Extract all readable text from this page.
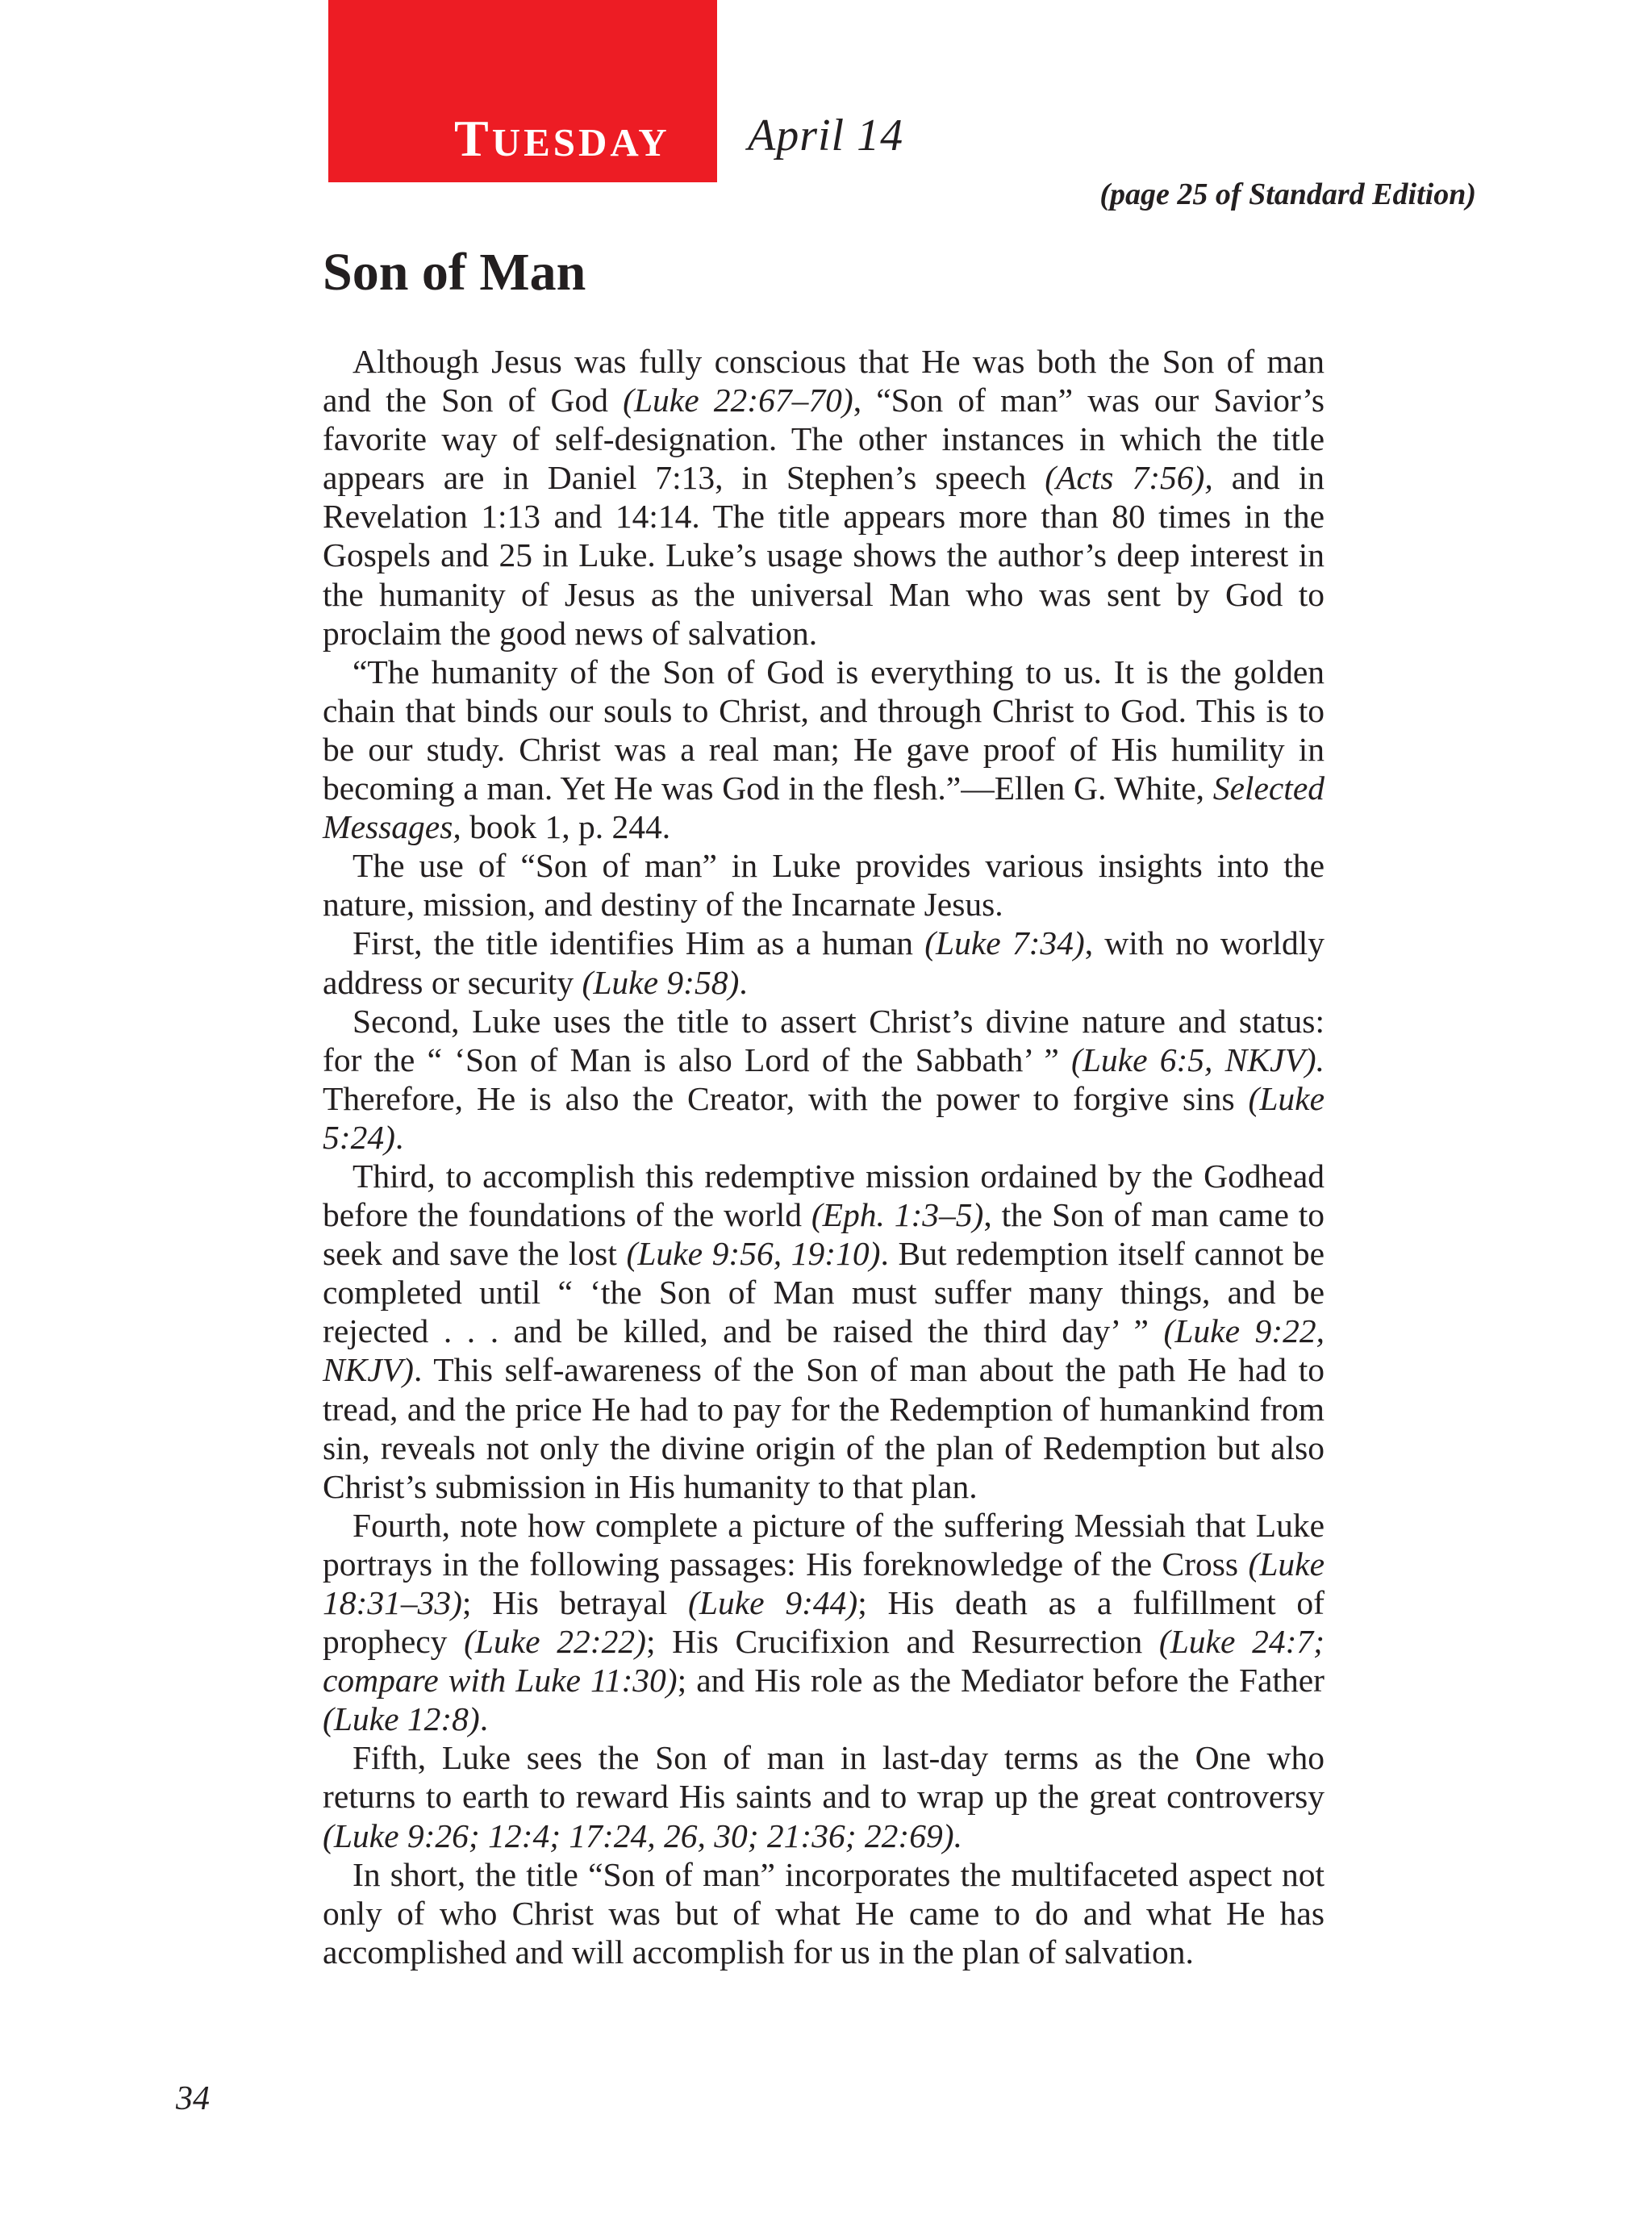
TUESDAY April 14
(page 25 of Standard Edition)
Son of Man

Although Jesus was fully conscious that He was both the Son of man and the Son of God (Luke 22:67–70), “Son of man” was our Savior’s favorite way of self-designation. The other instances in which the title appears are in Daniel 7:13, in Stephen’s speech (Acts 7:56), and in Revelation 1:13 and 14:14. The title appears more than 80 times in the Gospels and 25 in Luke. Luke’s usage shows the author’s deep interest in the humanity of Jesus as the universal Man who was sent by God to proclaim the good news of salvation.

“The humanity of the Son of God is everything to us. It is the golden chain that binds our souls to Christ, and through Christ to God. This is to be our study. Christ was a real man; He gave proof of His humility in becoming a man. Yet He was God in the flesh.”—Ellen G. White, Selected Messages, book 1, p. 244.

The use of “Son of man” in Luke provides various insights into the nature, mission, and destiny of the Incarnate Jesus.

First, the title identifies Him as a human (Luke 7:34), with no worldly address or security (Luke 9:58).

Second, Luke uses the title to assert Christ’s divine nature and status: for the “ ‘Son of Man is also Lord of the Sabbath’ ” (Luke 6:5, NKJV). Therefore, He is also the Creator, with the power to forgive sins (Luke 5:24).

Third, to accomplish this redemptive mission ordained by the Godhead before the foundations of the world (Eph. 1:3–5), the Son of man came to seek and save the lost (Luke 9:56, 19:10). But redemption itself cannot be completed until “ ‘the Son of Man must suffer many things, and be rejected . . . and be killed, and be raised the third day’ ” (Luke 9:22, NKJV). This self-awareness of the Son of man about the path He had to tread, and the price He had to pay for the Redemption of humankind from sin, reveals not only the divine origin of the plan of Redemption but also Christ’s submission in His humanity to that plan.

Fourth, note how complete a picture of the suffering Messiah that Luke portrays in the following passages: His foreknowledge of the Cross (Luke 18:31–33); His betrayal (Luke 9:44); His death as a fulfillment of prophecy (Luke 22:22); His Crucifixion and Resurrection (Luke 24:7; compare with Luke 11:30); and His role as the Mediator before the Father (Luke 12:8).

Fifth, Luke sees the Son of man in last-day terms as the One who returns to earth to reward His saints and to wrap up the great controversy (Luke 9:26; 12:4; 17:24, 26, 30; 21:36; 22:69).

In short, the title “Son of man” incorporates the multifaceted aspect not only of who Christ was but of what He came to do and what He has accomplished and will accomplish for us in the plan of salvation.

34
